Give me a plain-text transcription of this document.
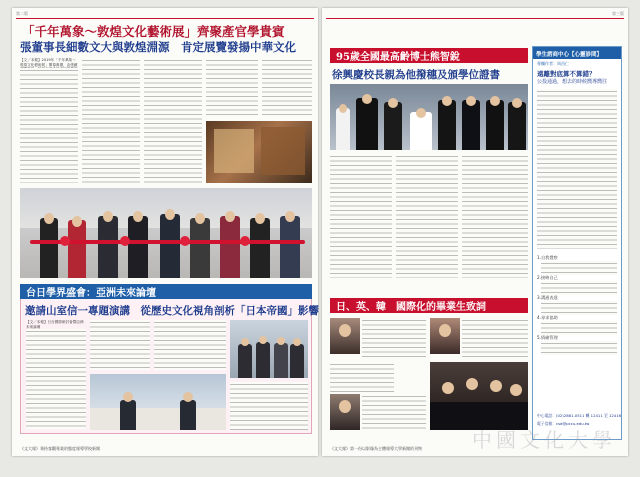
第二版
「千年萬象～敦煌文化藝術展」齊聚產官學貴賓
張董事長細數文大與敦煌淵源　肯定展覽發揚中華文化
【文／本報】2019年「千年萬象～敦煌文化藝術展」開幕典禮，由張鏡
台日學界盛會：亞洲未來論壇
邀請山室信一專題演講　從歷史文化視角剖析「日本帝國」影響
【文／本報】日台國際研討會暨亞洲未來論壇
《文大報》秉持客觀專業的態度報導學校新聞
第三版
95歲全國最高齡博士熊智銳
徐興慶校長親為他撥穗及頒學位證書
學生諮商中心【心靈診間】
專欄作者：周昌仁
遠離對底算不算錯？
公投通過，想去的時候嚮導嚮往
1.自我覺察
2.接納自己
3.溝通表達
4.尋求協助
5.情緒管理
中心電話：(02)2861-0511 轉 12411 至 12416
電子信箱：csd@pccu.edu.tw
日、英、韓　國際化的畢業生致詞
中國文化大學
《文大報》第一份以影像為主體報導大學新聞的刊物
